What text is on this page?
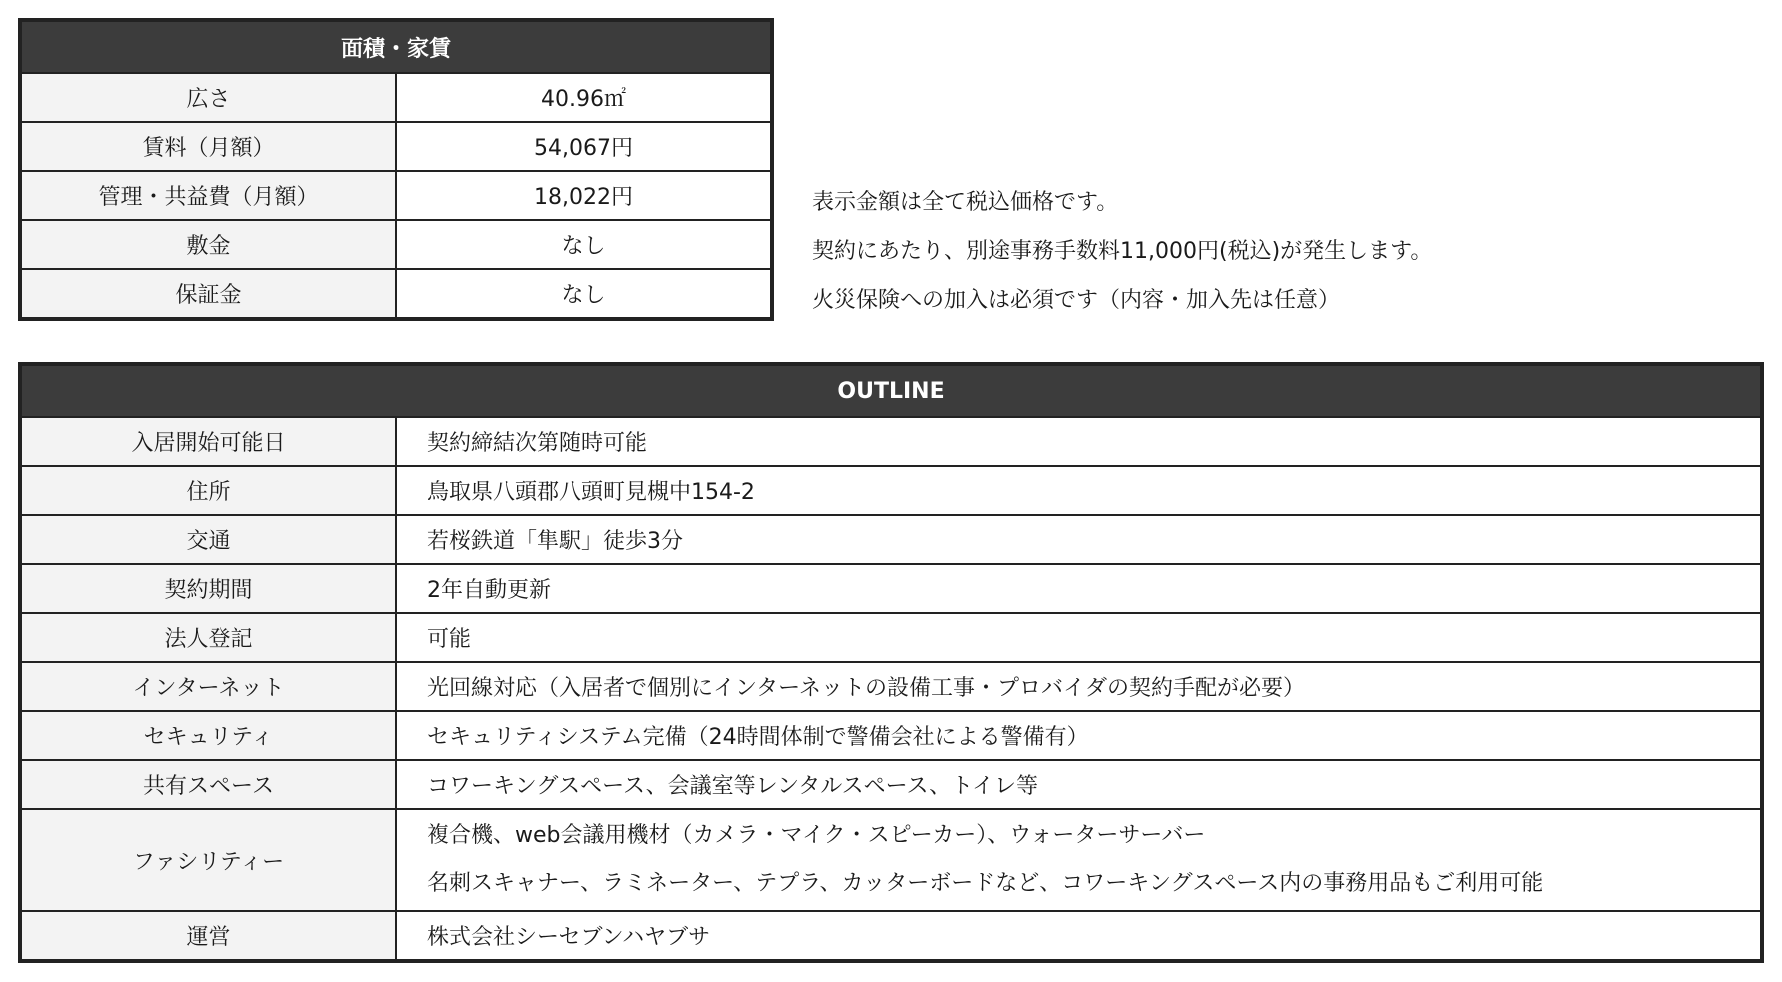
面積・家賃	
広さ	40.96㎡
賃料（月額）	54,067円
管理・共益費（月額）	18,022円
敷金	なし
保証金	なし
表示金額は全て税込価格です。
契約にあたり、別途事務手数料11,000円(税込)が発生します。
火災保険への加入は必須です（内容・加入先は任意）
OUTLINE	
入居開始可能日	契約締結次第随時可能
住所	鳥取県八頭郡八頭町見槻中154-2
交通	若桜鉄道「隼駅」徒歩3分
契約期間	2年自動更新
法人登記	可能
インターネット	光回線対応（入居者で個別にインターネットの設備工事・プロバイダの契約手配が必要）
セキュリティ	セキュリティシステム完備（24時間体制で警備会社による警備有）
共有スペース	コワーキングスペース、会議室等レンタルスペース、トイレ等
ファシリティー	複合機、web会議用機材（カメラ・マイク・スピーカー）、ウォーターサーバー
名刺スキャナー、ラミネーター、テプラ、カッターボードなど、コワーキングスペース内の事務用品もご利用可能

運営	株式会社シーセブンハヤブサ
